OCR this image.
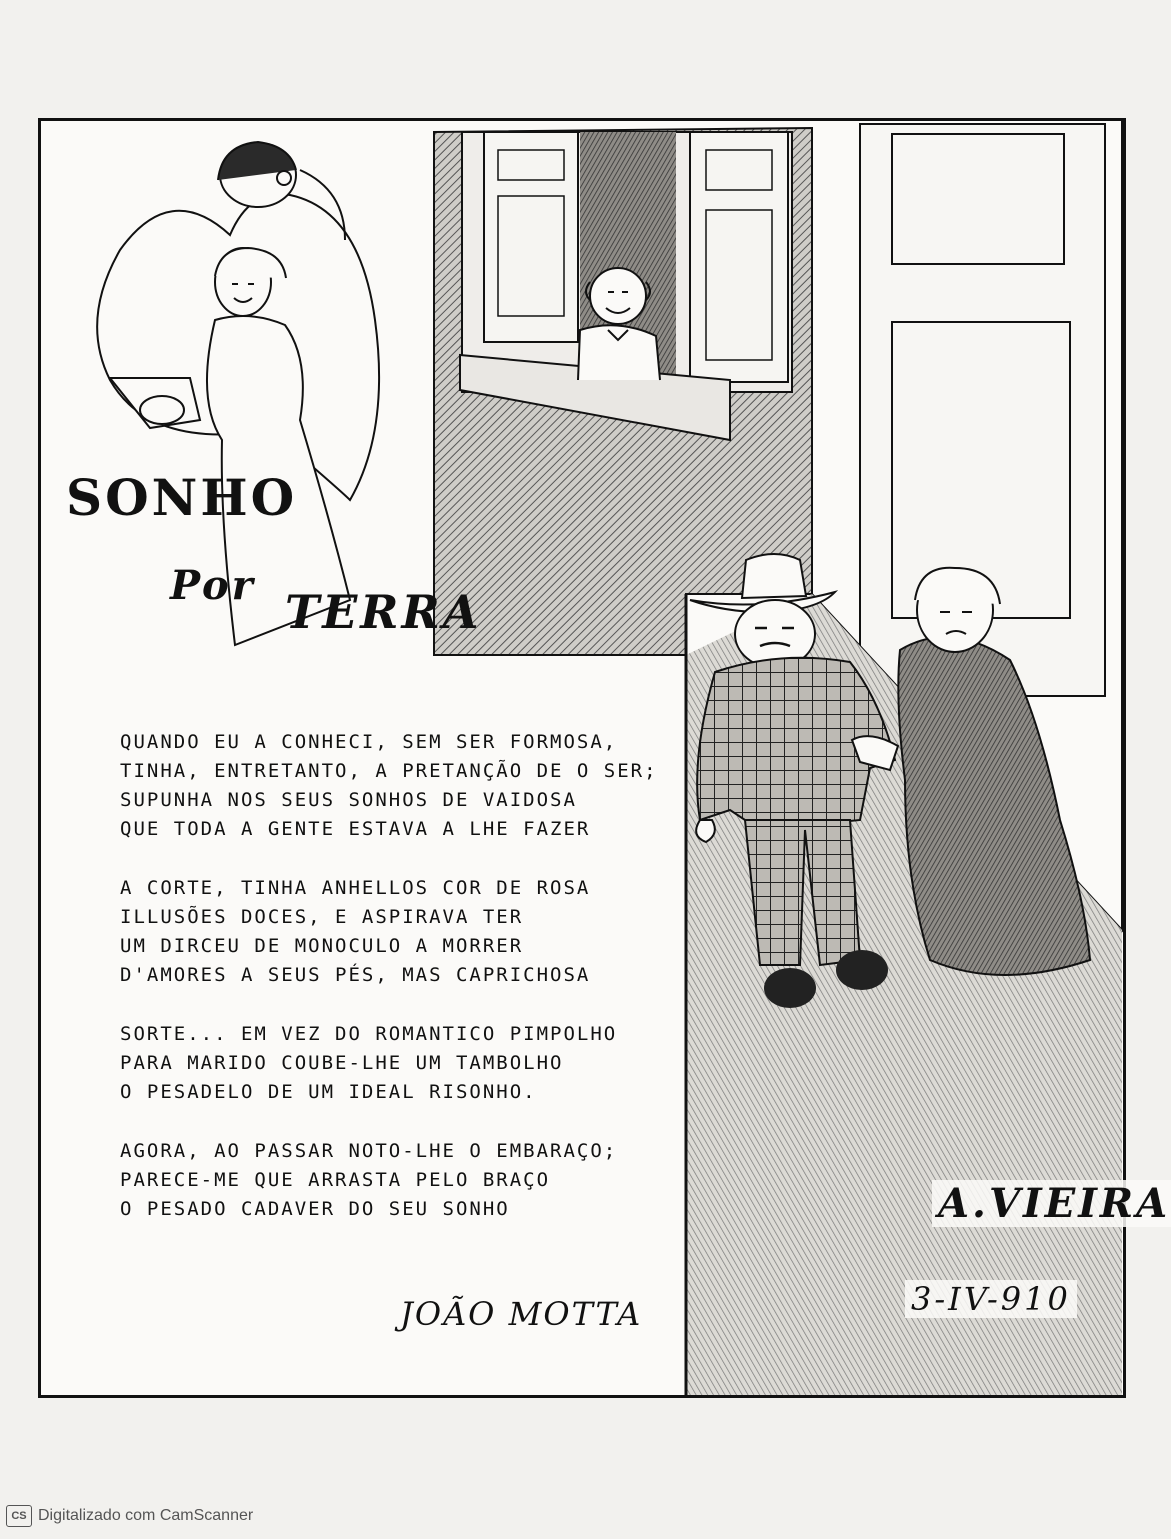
SONHO
Por TERRA
QUANDO EU A CONHECI, SEM SER FORMOSA,
TINHA, ENTRETANTO, A PRETANÇÃO DE O SER;
SUPUNHA NOS SEUS SONHOS DE VAIDOSA
QUE TODA A GENTE ESTAVA A LHE FAZER
A CORTE, TINHA ANHELLOS COR DE ROSA
ILLUSÕES DOCES, E ASPIRAVA TER
UM DIRCEU DE MONOCULO A MORRER
D'AMORES A SEUS PÉS, MAS CAPRICHOSA
SORTE... EM VEZ DO ROMANTICO PIMPOLHO
PARA MARIDO COUBE-LHE UM TAMBOLHO
O PESADELO DE UM IDEAL RISONHO.
AGORA, AO PASSAR NOTO-LHE O EMBARAÇO;
PARECE-ME QUE ARRASTA PELO BRAÇO
O PESADO CADAVER DO SEU SONHO
JOÃO MOTTA
A.VIEIRA
3-IV-910
CS Digitalizado com CamScanner
